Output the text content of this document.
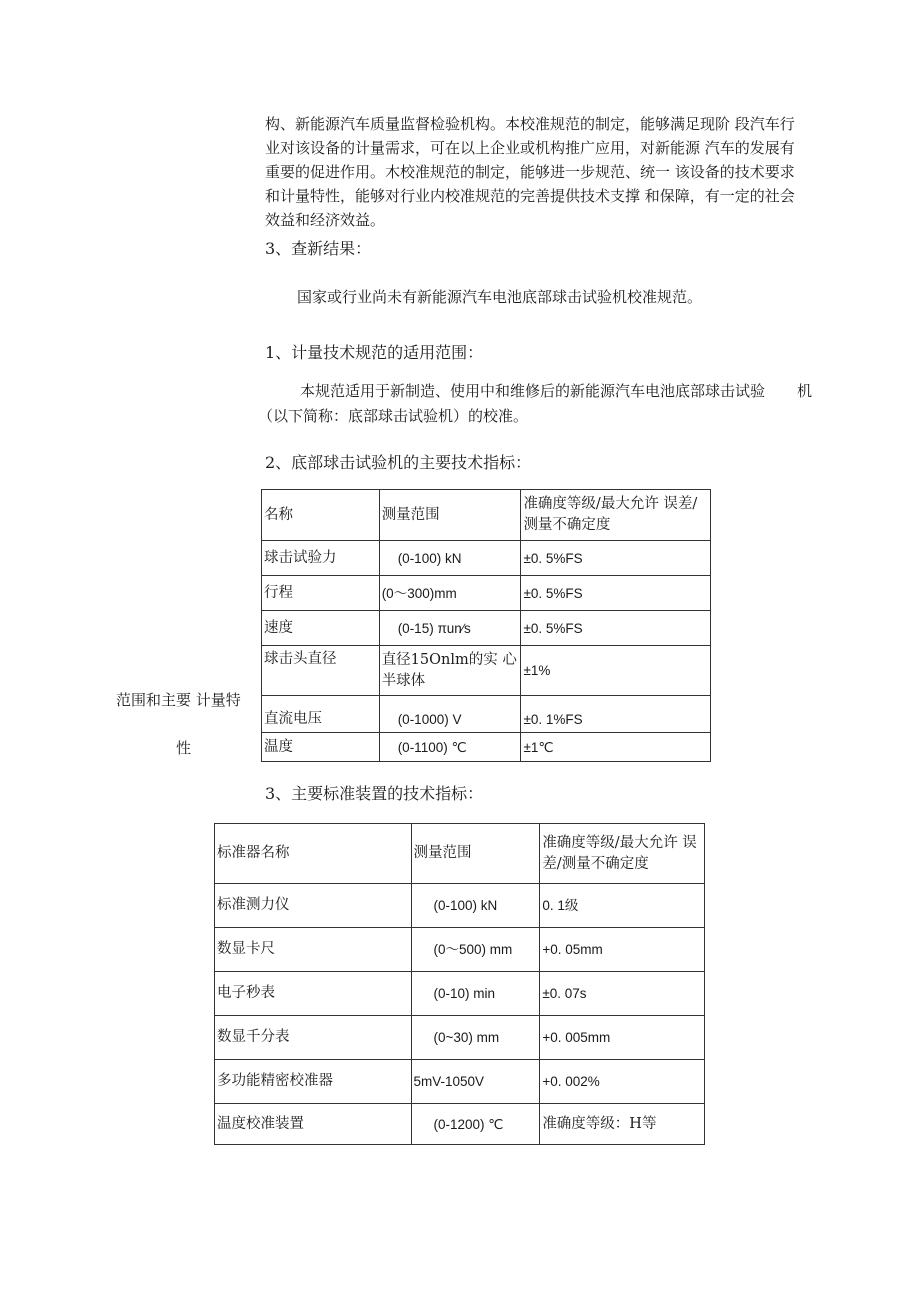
构、新能源汽车质量监督检验机构。本校准规范的制定，能够满足现阶 段汽车行
业对该设备的计量需求，可在以上企业或机构推广应用，对新能源 汽车的发展有
重要的促进作用。木校准规范的制定，能够进一步规范、统一 该设备的技术要求
和计量特性，能够对行业内校准规范的完善提供技术支撑 和保障，有一定的社会
效益和经济效益。
3、查新结果：
国家或行业尚未有新能源汽车电池底部球击试验机校准规范。
1、计量技术规范的适用范围：
本规范适用于新制造、使用中和维修后的新能源汽车电池底部球击试验 机
（以下简称：底部球击试验机）的校准。
2、底部球击试验机的主要技术指标：
范围和主要 计量特
性
名称	测量范围	准确度等级/最大允许 误差/测量不确定度
球击试验力	(0-100) kN	±0. 5%FS
行程	(0～300)mm	±0. 5%FS
速度	(0-15) πun∕s	±0. 5%FS
球击头直径	直径15Onlm的实 心半球体	±1%
直流电压	(0-1000) V	±0. 1%FS
温度	(0-1100) ℃	±1℃
3、主要标准装置的技术指标：
标准器名称	测量范围	准确度等级/最大允许 误差/测量不确定度
标准测力仪	(0-100) kN	0. 1级
数显卡尺	(0～500) mm	+0. 05mm
电子秒表	(0-10) min	±0. 07s
数显千分表	(0~30) mm	+0. 005mm
多功能精密校准器	5mV-1050V	+0. 002%
温度校准装置	(0-1200) ℃	准确度等级：H等
